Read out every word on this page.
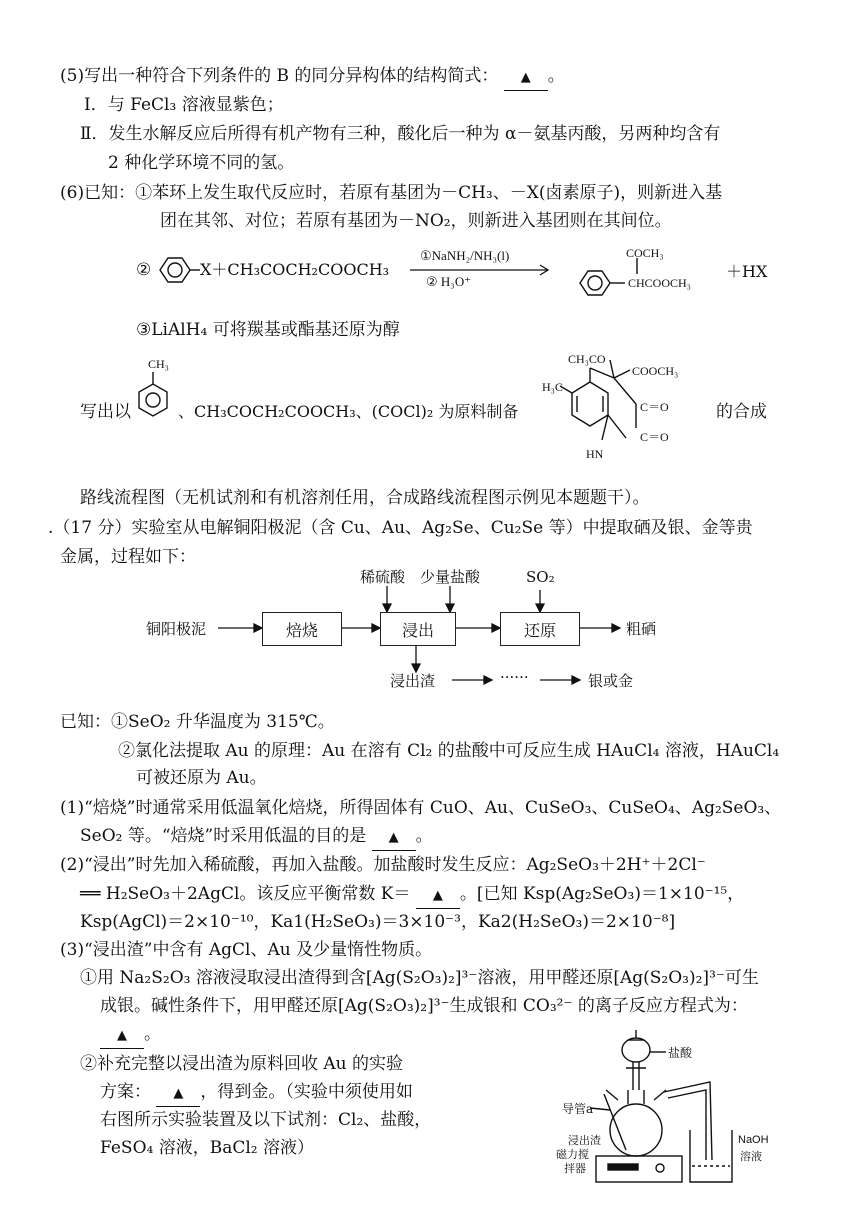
(5)写出一种符合下列条件的 B 的同分异构体的结构简式： ▲ 。
Ⅰ．与 FeCl₃ 溶液显紫色；
Ⅱ．发生水解反应后所得有机产物有三种，酸化后一种为 α－氨基丙酸，另两种均含有
2 种化学环境不同的氢。
(6)已知：①苯环上发生取代反应时，若原有基团为－CH₃、－X(卤素原子)，则新进入基
团在其邻、对位；若原有基团为－NO₂，则新进入基团则在其间位。
②	X＋CH₃COCH₂COOCH₃
①NaNH₂/NH₃(l)
② H₃O⁺
COCH₃
CHCOOCH₃
＋HX
③LiAlH₄ 可将羰基或酯基还原为醇
写出以
CH₃
、CH₃COCH₂COOCH₃、(COCl)₂ 为原料制备
CH₃CO
H₃C
COOCH₃
C＝O
C＝O
HN
的合成
路线流程图（无机试剂和有机溶剂任用，合成路线流程图示例见本题题干）。
.（17 分）实验室从电解铜阳极泥（含 Cu、Au、Ag₂Se、Cu₂Se 等）中提取硒及银、金等贵
金属，过程如下：
铜阳极泥	焙烧	浸出	还原	粗硒
稀硫酸 少量盐酸	SO₂
浸出渣	······	银或金
已知：①SeO₂ 升华温度为 315℃。
②氯化法提取 Au 的原理：Au 在溶有 Cl₂ 的盐酸中可反应生成 HAuCl₄ 溶液，HAuCl₄
可被还原为 Au。
(1)“焙烧”时通常采用低温氧化焙烧，所得固体有 CuO、Au、CuSeO₃、CuSeO₄、Ag₂SeO₃、
SeO₂ 等。“焙烧”时采用低温的目的是 ▲ 。
(2)“浸出”时先加入稀硫酸，再加入盐酸。加盐酸时发生反应：Ag₂SeO₃＋2H⁺＋2Cl⁻
══ H₂SeO₃＋2AgCl。该反应平衡常数 K＝ ▲ 。[已知 Ksp(Ag₂SeO₃)＝1×10⁻¹⁵，
Ksp(AgCl)＝2×10⁻¹⁰，Ka1(H₂SeO₃)＝3×10⁻³，Ka2(H₂SeO₃)＝2×10⁻⁸]
(3)“浸出渣”中含有 AgCl、Au 及少量惰性物质。
①用 Na₂S₂O₃ 溶液浸取浸出渣得到含[Ag(S₂O₃)₂]³⁻溶液，用甲醛还原[Ag(S₂O₃)₂]³⁻可生
成银。碱性条件下，用甲醛还原[Ag(S₂O₃)₂]³⁻生成银和 CO₃²⁻ 的离子反应方程式为：
▲ 。
②补充完整以浸出渣为原料回收 Au 的实验
方案： ▲ ，得到金。（实验中须使用如
右图所示实验装置及以下试剂：Cl₂、盐酸，
FeSO₄ 溶液，BaCl₂ 溶液）
盐酸
导管a
浸出渣
磁力搅
拌器
NaOH
溶液
